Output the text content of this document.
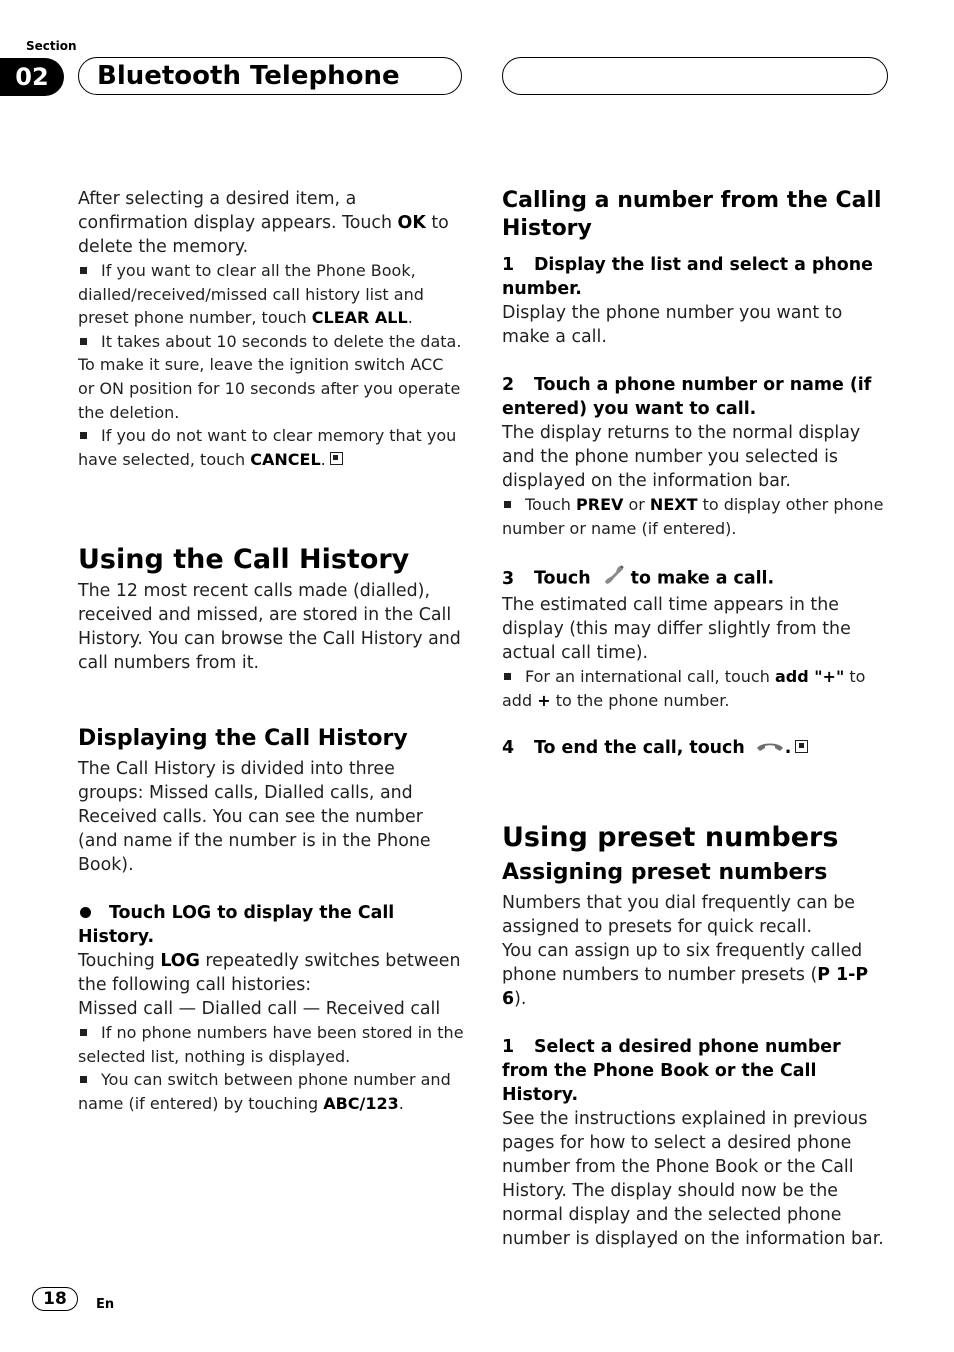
Section
02	Bluetooth Telephone

After selecting a desired item, a confirmation display appears. Touch OK to delete the memory.

If you want to clear all the Phone Book, dialled/received/missed call history list and preset phone number, touch CLEAR ALL.

It takes about 10 seconds to delete the data.

To make it sure, leave the ignition switch ACC or ON position for 10 seconds after you operate the deletion.

If you do not want to clear memory that you have selected, touch CANCEL.

Using the Call History

The 12 most recent calls made (dialled), received and missed, are stored in the Call History. You can browse the Call History and call numbers from it.

Displaying the Call History

The Call History is divided into three groups: Missed calls, Dialled calls, and Received calls. You can see the number (and name if the number is in the Phone Book).

Touch LOG to display the Call History.

Touching LOG repeatedly switches between the following call histories:

Missed call — Dialled call — Received call

If no phone numbers have been stored in the selected list, nothing is displayed.

You can switch between phone number and name (if entered) by touching ABC/123.

Calling a number from the Call History

1 Display the list and select a phone number.

Display the phone number you want to make a call.

2 Touch a phone number or name (if entered) you want to call.

The display returns to the normal display and the phone number you selected is displayed on the information bar.

Touch PREV or NEXT to display other phone number or name (if entered).

3 Touch to make a call.

The estimated call time appears in the display (this may differ slightly from the actual call time).

For an international call, touch add "+" to add + to the phone number.

4 To end the call, touch .

Using preset numbers

Assigning preset numbers

Numbers that you dial frequently can be assigned to presets for quick recall.

You can assign up to six frequently called phone numbers to number presets (P 1-P 6).

1 Select a desired phone number from the Phone Book or the Call History.

See the instructions explained in previous pages for how to select a desired phone number from the Phone Book or the Call History. The display should now be the normal display and the selected phone number is displayed on the information bar.

18	En
